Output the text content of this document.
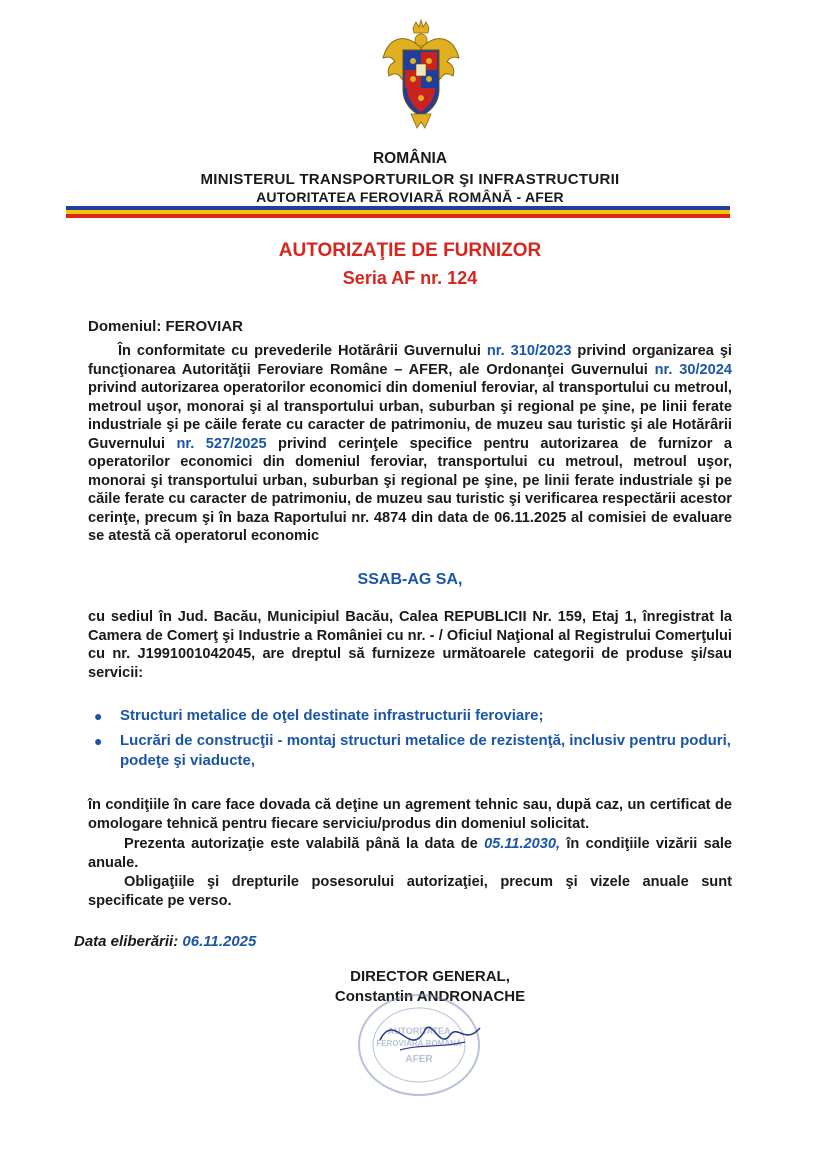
ROMÂNIA
MINISTERUL TRANSPORTURILOR ŞI INFRASTRUCTURII
AUTORITATEA FEROVIARĂ ROMÂNĂ - AFER
AUTORIZAŢIE DE FURNIZOR
Seria AF nr. 124
Domeniul: FEROVIAR
În conformitate cu prevederile Hotărârii Guvernului nr. 310/2023 privind organizarea şi funcţionarea Autorităţii Feroviare Române – AFER, ale Ordonanţei Guvernului nr. 30/2024 privind autorizarea operatorilor economici din domeniul feroviar, al transportului cu metroul, metroul uşor, monorai şi al transportului urban, suburban şi regional pe şine, pe linii ferate industriale şi pe căile ferate cu caracter de patrimoniu, de muzeu sau turistic şi ale Hotărârii Guvernului nr. 527/2025 privind cerinţele specifice pentru autorizarea de furnizor a operatorilor economici din domeniul feroviar, transportului cu metroul, metroul uşor, monorai şi transportului urban, suburban şi regional pe şine, pe linii ferate industriale şi pe căile ferate cu caracter de patrimoniu, de muzeu sau turistic şi verificarea respectării acestor cerinţe, precum şi în baza Raportului nr. 4874 din data de 06.11.2025 al comisiei de evaluare se atestă că operatorul economic
SSAB-AG SA,
cu sediul în Jud. Bacău, Municipiul Bacău, Calea REPUBLICII Nr. 159, Etaj 1, înregistrat la Camera de Comerţ şi Industrie a României cu nr. - / Oficiul Naţional al Registrului Comerţului cu nr. J1991001042045, are dreptul să furnizeze următoarele categorii de produse şi/sau servicii:
● Structuri metalice de oţel destinate infrastructurii feroviare;
● Lucrări de construcţii - montaj structuri metalice de rezistenţă, inclusiv pentru poduri, podeţe şi viaducte,
în condiţiile în care face dovada că deţine un agrement tehnic sau, după caz, un certificat de omologare tehnică pentru fiecare serviciu/produs din domeniul solicitat.
Prezenta autorizaţie este valabilă până la data de 05.11.2030, în condiţiile vizării sale anuale.
Obligaţiile şi drepturile posesorului autorizaţiei, precum şi vizele anuale sunt specificate pe verso.
Data eliberării: 06.11.2025
DIRECTOR GENERAL,
Constantin ANDRONACHE
AUTORITATEA
FEROVIARĂ ROMÂNĂ
AFER
